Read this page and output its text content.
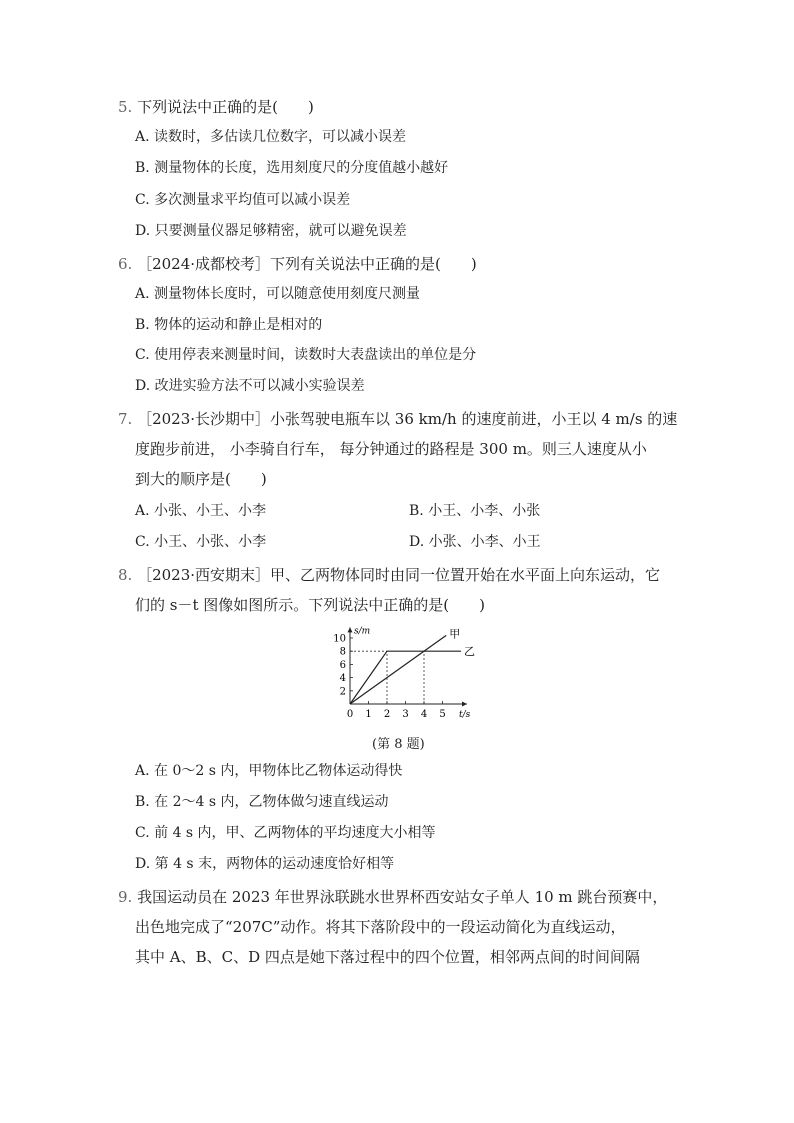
5. 下列说法中正确的是(　　)
A. 读数时，多估读几位数字，可以减小误差
B. 测量物体的长度，选用刻度尺的分度值越小越好
C. 多次测量求平均值可以减小误差
D. 只要测量仪器足够精密，就可以避免误差
6. ［2024·成都校考］下列有关说法中正确的是(　　)
A. 测量物体长度时，可以随意使用刻度尺测量
B. 物体的运动和静止是相对的
C. 使用停表来测量时间，读数时大表盘读出的单位是分
D. 改进实验方法不可以减小实验误差
7. ［2023·长沙期中］小张驾驶电瓶车以 36 km/h 的速度前进，小王以 4 m/s 的速
度跑步前进， 小李骑自行车， 每分钟通过的路程是 300 m。则三人速度从小
到大的顺序是(　　)
A. 小张、小王、小李	B. 小王、小李、小张
C. 小王、小张、小李	D. 小张、小李、小王
8. ［2023·西安期末］甲、乙两物体同时由同一位置开始在水平面上向东运动，它
们的 s－t 图像如图所示。下列说法中正确的是(　　)
0 1 2 3 4 5
2
4
6
8
10
s/m
t/s
甲
乙
(第 8 题)
A. 在 0～2 s 内，甲物体比乙物体运动得快
B. 在 2～4 s 内，乙物体做匀速直线运动
C. 前 4 s 内，甲、乙两物体的平均速度大小相等
D. 第 4 s 末，两物体的运动速度恰好相等
9. 我国运动员在 2023 年世界泳联跳水世界杯西安站女子单人 10 m 跳台预赛中，
出色地完成了“207C”动作。将其下落阶段中的一段运动简化为直线运动，
其中 A、B、C、D 四点是她下落过程中的四个位置，相邻两点间的时间间隔
